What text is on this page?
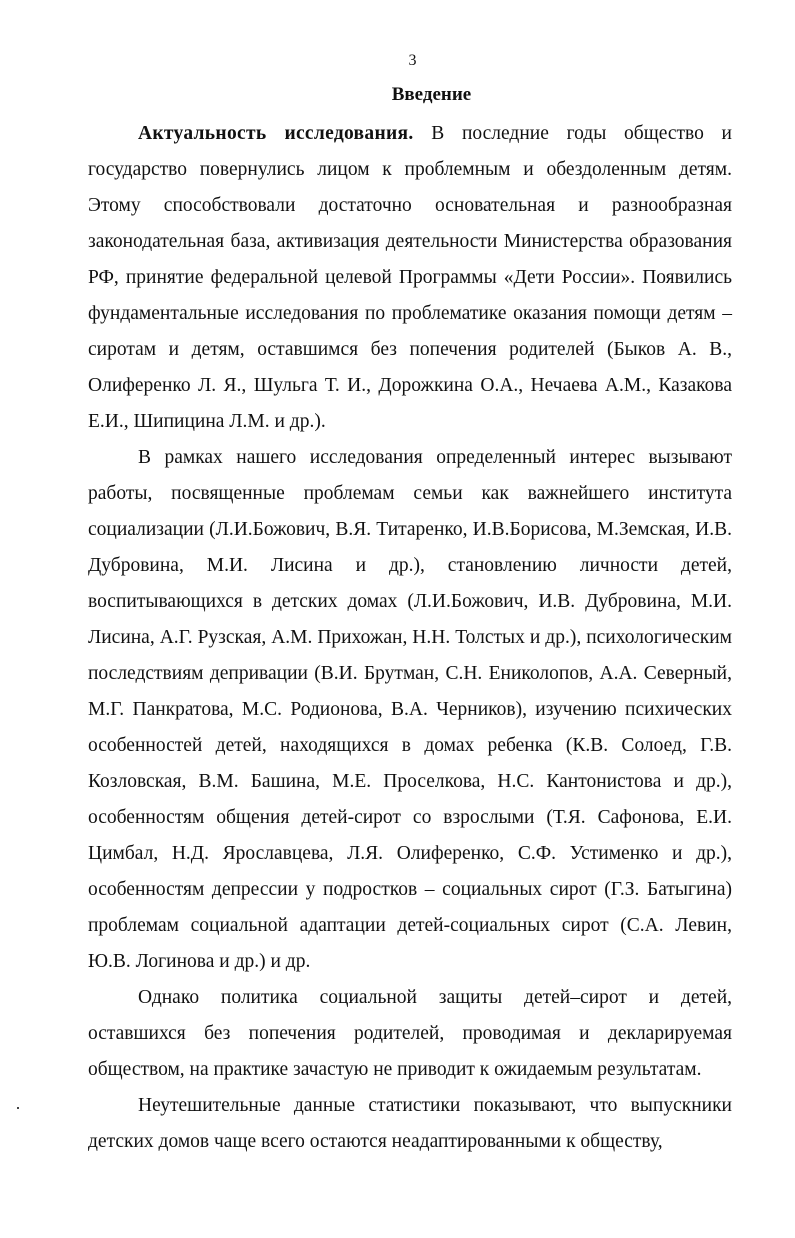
3
Введение

Актуальность исследования. В последние годы общество и государство повернулись лицом к проблемным и обездоленным детям. Этому способствовали достаточно основательная и разнообразная законодательная база, активизация деятельности Министерства образования РФ, принятие федеральной целевой Программы «Дети России». Появились фундаментальные исследования по проблематике оказания помощи детям – сиротам и детям, оставшимся без попечения родителей (Быков А. В., Олиференко Л. Я., Шульга Т. И., Дорожкина О.А., Нечаева А.М., Казакова Е.И., Шипицина Л.М. и др.).

В рамках нашего исследования определенный интерес вызывают работы, посвященные проблемам семьи как важнейшего института социализации (Л.И.Божович, В.Я. Титаренко, И.В.Борисова, М.Земская, И.В. Дубровина, М.И. Лисина и др.), становлению личности детей, воспитывающихся в детских домах (Л.И.Божович, И.В. Дубровина, М.И. Лисина, А.Г. Рузская, А.М. Прихожан, Н.Н. Толстых и др.), психологическим последствиям депривации (В.И. Брутман, С.Н. Ениколопов, А.А. Северный, М.Г. Панкратова, М.С. Родионова, В.А. Черников), изучению психических особенностей детей, находящихся в домах ребенка (К.В. Солоед, Г.В. Козловская, В.М. Башина, М.Е. Проселкова, Н.С. Кантонистова и др.), особенностям общения детей-сирот со взрослыми (Т.Я. Сафонова, Е.И. Цимбал, Н.Д. Ярославцева, Л.Я. Олиференко, С.Ф. Устименко и др.), особенностям депрессии у подростков – социальных сирот (Г.З. Батыгина) проблемам социальной адаптации детей-социальных сирот (С.А. Левин, Ю.В. Логинова и др.) и др.

Однако политика социальной защиты детей–сирот и детей, оставшихся без попечения родителей, проводимая и декларируемая обществом, на практике зачастую не приводит к ожидаемым результатам.

Неутешительные данные статистики показывают, что выпускники детских домов чаще всего остаются неадаптированными к обществу,
